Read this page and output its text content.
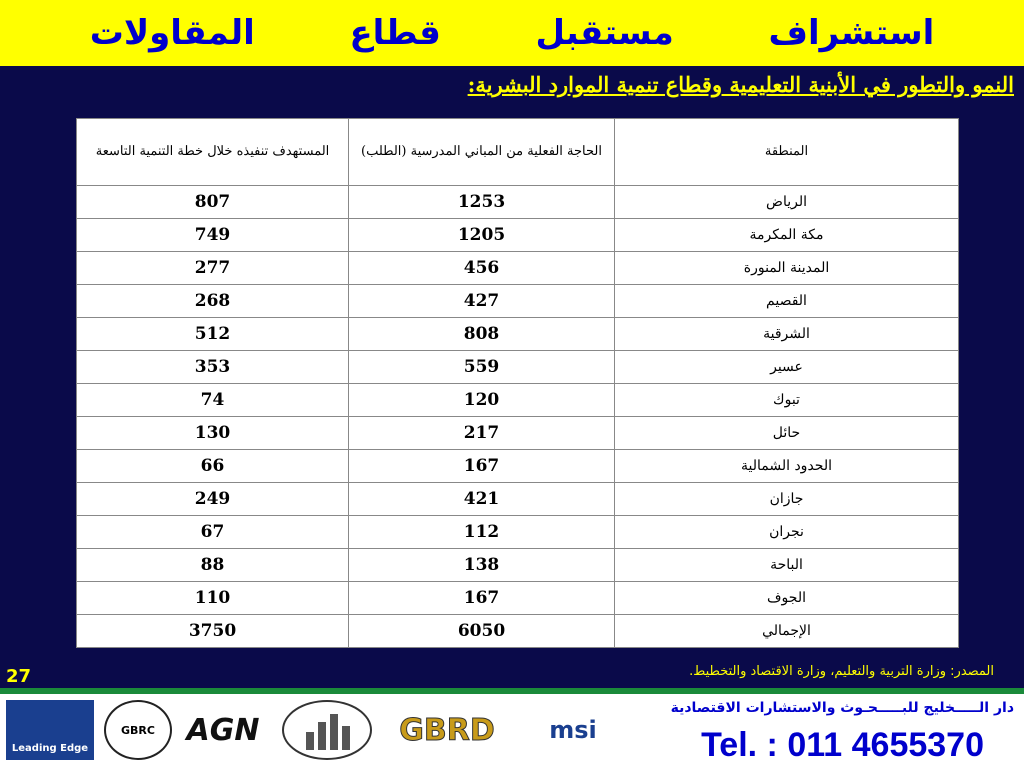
استشراف        مستقبل        قطاع        المقاولات
النمو والتطور في الأبنية التعليمية وقطاع تنمية الموارد البشرية:
المستهدف تنفيذه خلال خطة التنمية التاسعة	الحاجة الفعلية من المباني المدرسية (الطلب)	المنطقة
807	1253	الرياض
749	1205	مكة المكرمة
277	456	المدينة المنورة
268	427	القصيم
512	808	الشرقية
353	559	عسير
74	120	تبوك
130	217	حائل
66	167	الحدود الشمالية
249	421	جازان
67	112	نجران
88	138	الباحة
110	167	الجوف
3750	6050	الإجمالي
27	المصدر: وزارة التربية والتعليم، وزارة الاقتصاد والتخطيط.
Leading Edge
GBRC AGN	GBRD msi
دار الـــــخليج للبـــــحـوث والاستشارات الاقتصادية
Tel. : 011 4655370
